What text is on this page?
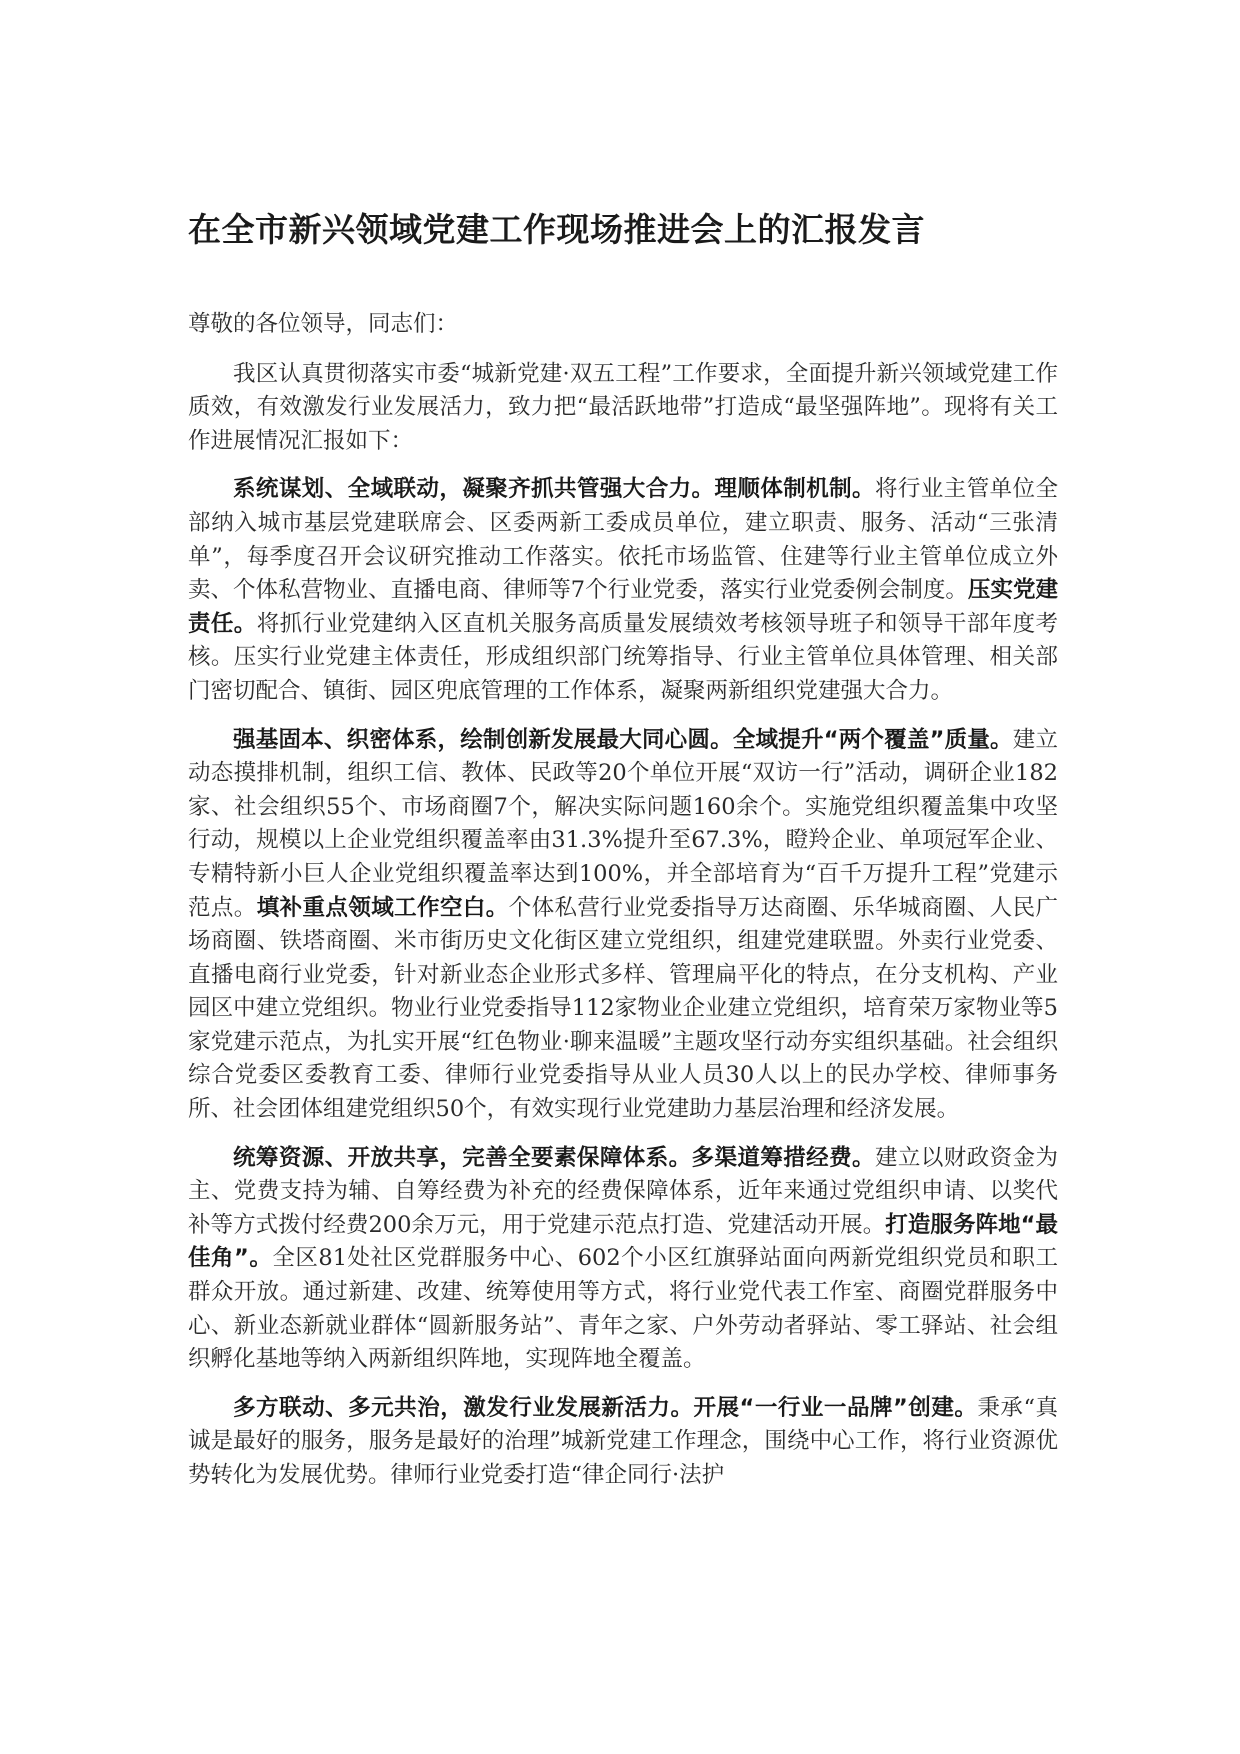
在全市新兴领域党建工作现场推进会上的汇报发言

尊敬的各位领导，同志们：

我区认真贯彻落实市委“城新党建·双五工程”工作要求，全面提升新兴领域党建工作质效，有效激发行业发展活力，致力把“最活跃地带”打造成“最坚强阵地”。现将有关工作进展情况汇报如下：

系统谋划、全域联动，凝聚齐抓共管强大合力。理顺体制机制。将行业主管单位全部纳入城市基层党建联席会、区委两新工委成员单位，建立职责、服务、活动“三张清单”，每季度召开会议研究推动工作落实。依托市场监管、住建等行业主管单位成立外卖、个体私营物业、直播电商、律师等7个行业党委，落实行业党委例会制度。压实党建责任。将抓行业党建纳入区直机关服务高质量发展绩效考核领导班子和领导干部年度考核。压实行业党建主体责任，形成组织部门统筹指导、行业主管单位具体管理、相关部门密切配合、镇街、园区兜底管理的工作体系，凝聚两新组织党建强大合力。

强基固本、织密体系，绘制创新发展最大同心圆。全域提升“两个覆盖”质量。建立动态摸排机制，组织工信、教体、民政等20个单位开展“双访一行”活动，调研企业182家、社会组织55个、市场商圈7个，解决实际问题160余个。实施党组织覆盖集中攻坚行动，规模以上企业党组织覆盖率由31.3%提升至67.3%，瞪羚企业、单项冠军企业、专精特新小巨人企业党组织覆盖率达到100%，并全部培育为“百千万提升工程”党建示范点。填补重点领域工作空白。个体私营行业党委指导万达商圈、乐华城商圈、人民广场商圈、铁塔商圈、米市街历史文化街区建立党组织，组建党建联盟。外卖行业党委、直播电商行业党委，针对新业态企业形式多样、管理扁平化的特点，在分支机构、产业园区中建立党组织。物业行业党委指导112家物业企业建立党组织，培育荣万家物业等5家党建示范点，为扎实开展“红色物业·聊来温暖”主题攻坚行动夯实组织基础。社会组织综合党委区委教育工委、律师行业党委指导从业人员30人以上的民办学校、律师事务所、社会团体组建党组织50个，有效实现行业党建助力基层治理和经济发展。

统筹资源、开放共享，完善全要素保障体系。多渠道筹措经费。建立以财政资金为主、党费支持为辅、自筹经费为补充的经费保障体系，近年来通过党组织申请、以奖代补等方式拨付经费200余万元，用于党建示范点打造、党建活动开展。打造服务阵地“最佳角”。全区81处社区党群服务中心、602个小区红旗驿站面向两新党组织党员和职工群众开放。通过新建、改建、统筹使用等方式，将行业党代表工作室、商圈党群服务中心、新业态新就业群体“圆新服务站”、青年之家、户外劳动者驿站、零工驿站、社会组织孵化基地等纳入两新组织阵地，实现阵地全覆盖。

多方联动、多元共治，激发行业发展新活力。开展“一行业一品牌”创建。秉承“真诚是最好的服务，服务是最好的治理”城新党建工作理念，围绕中心工作，将行业资源优势转化为发展优势。律师行业党委打造“律企同行·法护
